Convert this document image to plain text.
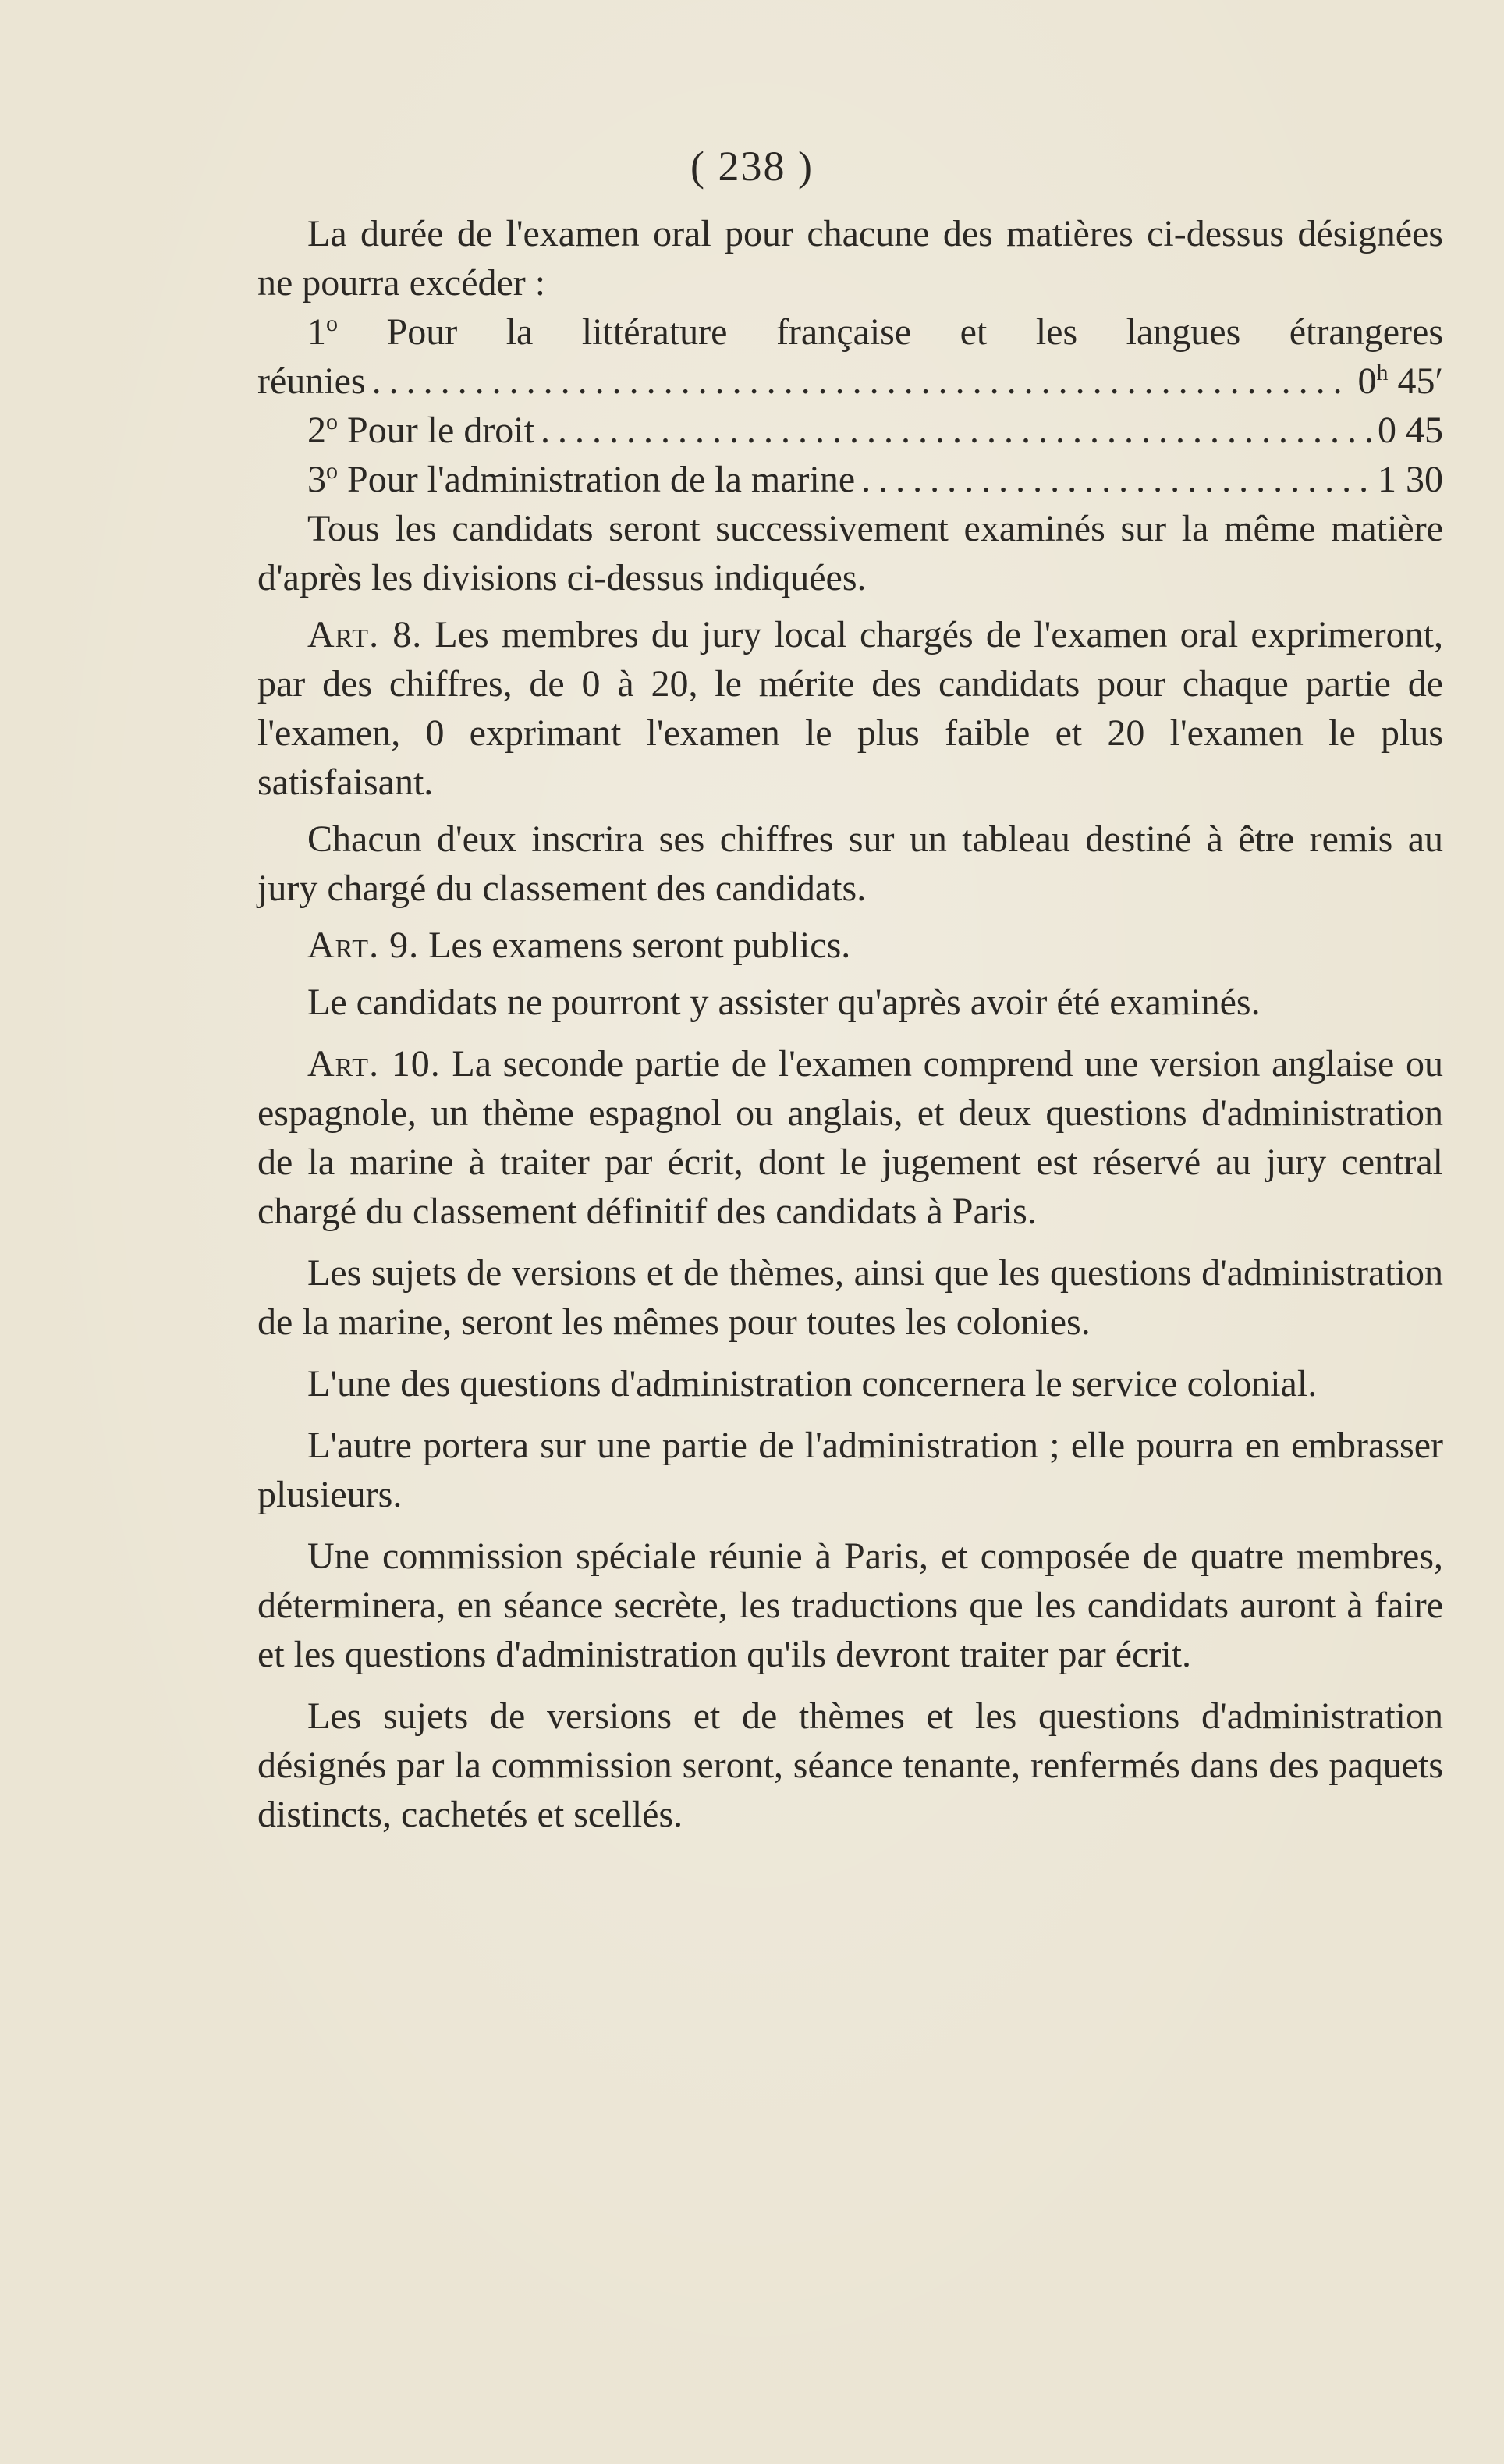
( 238 )

La durée de l'examen oral pour chacune des matières ci-dessus désignées ne pourra excéder :

1$^o$ Pour la littérature française et les langues étrangeres

réunies .....	0$^h$ 45′
2$^o$ Pour le droit .....	0 45
3$^o$ Pour l'administration de la marine .....	1 30

Tous les candidats seront successivement examinés sur la même matière d'après les divisions ci-dessus indiquées.

Art. 8. Les membres du jury local chargés de l'examen oral exprimeront, par des chiffres, de 0 à 20, le mérite des candidats pour chaque partie de l'examen, 0 exprimant l'examen le plus faible et 20 l'examen le plus satisfaisant.

Chacun d'eux inscrira ses chiffres sur un tableau destiné à être remis au jury chargé du classement des candidats.

Art. 9. Les examens seront publics.

Le candidats ne pourront y assister qu'après avoir été examinés.

Art. 10. La seconde partie de l'examen comprend une version anglaise ou espagnole, un thème espagnol ou anglais, et deux questions d'administration de la marine à traiter par écrit, dont le jugement est réservé au jury central chargé du classement définitif des candidats à Paris.

Les sujets de versions et de thèmes, ainsi que les questions d'administration de la marine, seront les mêmes pour toutes les colonies.

L'une des questions d'administration concernera le service colonial.

L'autre portera sur une partie de l'administration ; elle pourra en embrasser plusieurs.

Une commission spéciale réunie à Paris, et composée de quatre membres, déterminera, en séance secrète, les traductions que les candidats auront à faire et les questions d'administration qu'ils devront traiter par écrit.

Les sujets de versions et de thèmes et les questions d'administration désignés par la commission seront, séance tenante, renfermés dans des paquets distincts, cachetés et scellés.
